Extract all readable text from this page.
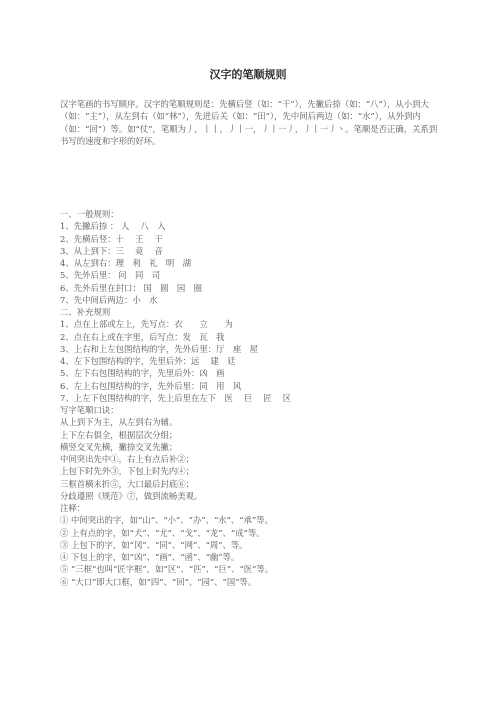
汉字的笔顺规则
汉字笔画的书写顺序。汉字的笔顺规则是：先横后竖（如：“干”），先撇后捺（如：“八”），从小到大（如：“主”），从左到右（如“林”），先进后关（如：“田”），先中间后两边（如：“水”），从外到内（如：“回”）等。如“仗”，笔顺为丿，丨丨，丿丨一，丿丨一丿，丿丨一丿丶。笔顺是否正确，关系到书写的速度和字形的好坏。
一、一般规则：
1、先撇后捺 ： 人　 八　入
2、先横后竖：十　 王　 干
3、从上到下：三　 竟　 音
4、从左到右：理　利　礼　明　湖
5、先外后里： 问　同　司
6、先外后里在封口： 国　圆　园　圈
7、先中间后两边：小　水
二、补充规则
1、点在上部或左上，先写点：衣　　立　　为
2、点在右上或在字里，后写点：发　瓦　我
3、上右和上左包围结构的字，先外后里：厅　座　屋
4、左下包围结构的字，先里后外：远　 建　廷
5、左下右包围结构的字，先里后外：凶　画
6、左上右包围结构的字，先外后里：同　用　风
7、上左下包围结构的字，先上后里在左下　医　 巨　 匠　 区
写字笔顺口诀：
从上到下为主，从左到右为辅。
上下左右俱全，根据层次分组；
横竖交叉先横，撇捺交叉先撇；
中间突出先中①，右上有点后补②；
上包下时先外③，下包上时先内④；
三框首横末折⑤，大口最后封底⑥；
分歧遵照《规范》⑦，做到流畅美观。
注释：
① 中间突出的字，如“山”、“小”、“办”、“水”、“承”等。
② 上有点的字，如“犬”、“尤”、“戈”、“龙”、“成”等。
③ 上包下的字，如“冈”、“同”、“网”、“周”、等。
④ 下包上的字，如“凶”、“画”、“函”、“幽”等。
⑤ “三框”也叫“匠字框”，如“区”、“匹”、“巨”、“医”等。
⑥ “大口”即大口框，如“四”、“回”、“园”、“国”等。
